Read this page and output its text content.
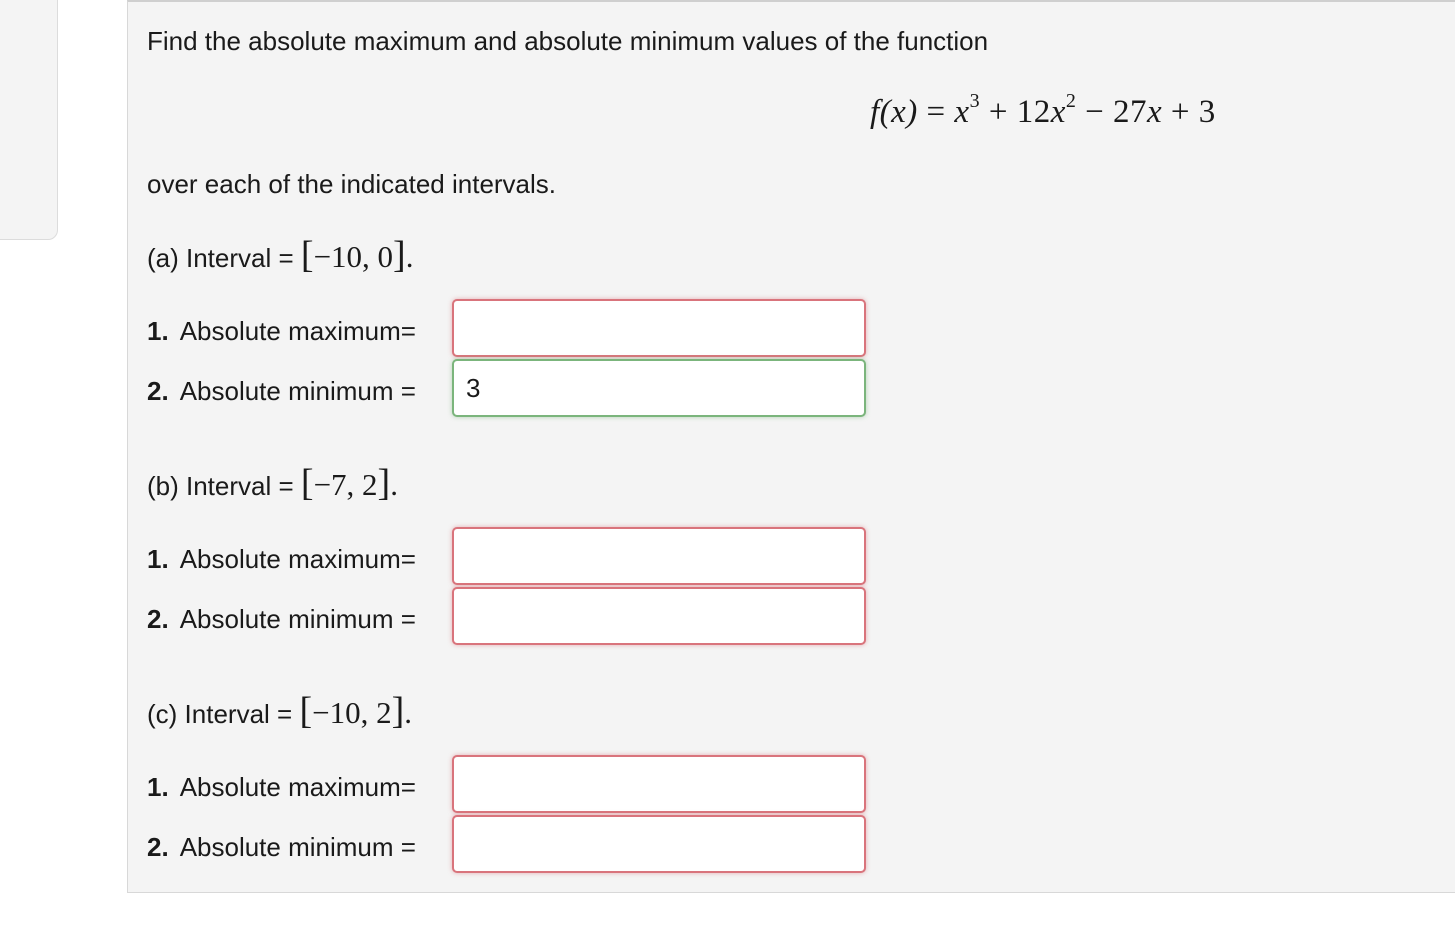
Find the absolute maximum and absolute minimum values of the function
$f(x) = x^3 + 12x^2 - 27x + 3$
over each of the indicated intervals.
(a) Interval = [−10, 0].
1. Absolute maximum=
2. Absolute minimum =
3
(b) Interval = [−7, 2].
1. Absolute maximum=
2. Absolute minimum =
(c) Interval = [−10, 2].
1. Absolute maximum=
2. Absolute minimum =
